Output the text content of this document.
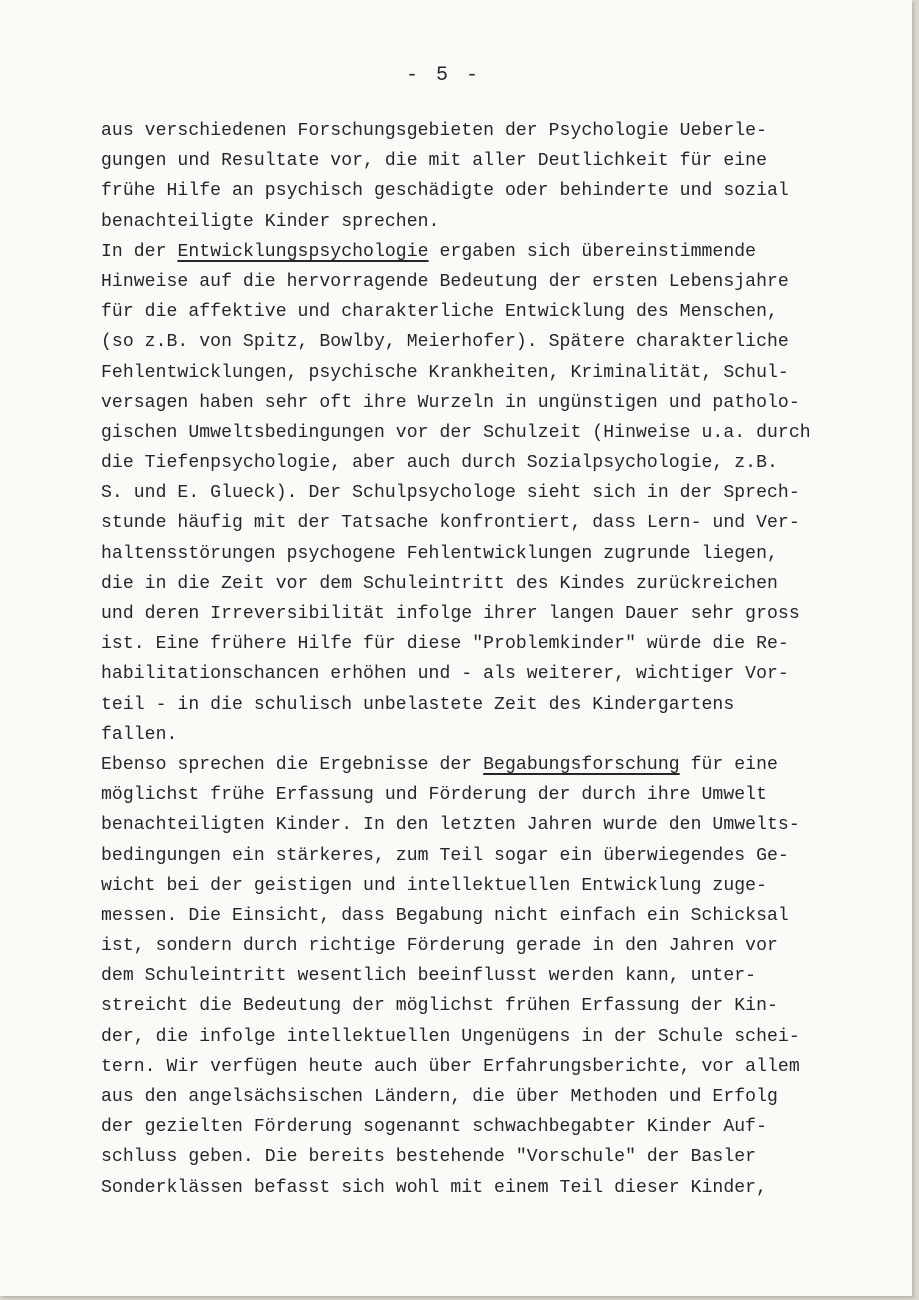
- 5 -
aus verschiedenen Forschungsgebieten der Psychologie Ueberle-
gungen und Resultate vor, die mit aller Deutlichkeit für eine
frühe Hilfe an psychisch geschädigte oder behinderte und sozial
benachteiligte Kinder sprechen.
In der Entwicklungspsychologie ergaben sich übereinstimmende
Hinweise auf die hervorragende Bedeutung der ersten Lebensjahre
für die affektive und charakterliche Entwicklung des Menschen,
(so z.B. von Spitz, Bowlby, Meierhofer). Spätere charakterliche
Fehlentwicklungen, psychische Krankheiten, Kriminalität, Schul-
versagen haben sehr oft ihre Wurzeln in ungünstigen und patholo-
gischen Umweltsbedingungen vor der Schulzeit (Hinweise u.a. durch
die Tiefenpsychologie, aber auch durch Sozialpsychologie, z.B.
S. und E. Glueck). Der Schulpsychologe sieht sich in der Sprech-
stunde häufig mit der Tatsache konfrontiert, dass Lern- und Ver-
haltensstörungen psychogene Fehlentwicklungen zugrunde liegen,
die in die Zeit vor dem Schuleintritt des Kindes zurückreichen
und deren Irreversibilität infolge ihrer langen Dauer sehr gross
ist. Eine frühere Hilfe für diese "Problemkinder" würde die Re-
habilitationschancen erhöhen und - als weiterer, wichtiger Vor-
teil - in die schulisch unbelastete Zeit des Kindergartens
fallen.
Ebenso sprechen die Ergebnisse der Begabungsforschung für eine
möglichst frühe Erfassung und Förderung der durch ihre Umwelt
benachteiligten Kinder. In den letzten Jahren wurde den Umwelts-
bedingungen ein stärkeres, zum Teil sogar ein überwiegendes Ge-
wicht bei der geistigen und intellektuellen Entwicklung zuge-
messen. Die Einsicht, dass Begabung nicht einfach ein Schicksal
ist, sondern durch richtige Förderung gerade in den Jahren vor
dem Schuleintritt wesentlich beeinflusst werden kann, unter-
streicht die Bedeutung der möglichst frühen Erfassung der Kin-
der, die infolge intellektuellen Ungenügens in der Schule schei-
tern. Wir verfügen heute auch über Erfahrungsberichte, vor allem
aus den angelsächsischen Ländern, die über Methoden und Erfolg
der gezielten Förderung sogenannt schwachbegabter Kinder Auf-
schluss geben. Die bereits bestehende "Vorschule" der Basler
Sonderklässen befasst sich wohl mit einem Teil dieser Kinder,
